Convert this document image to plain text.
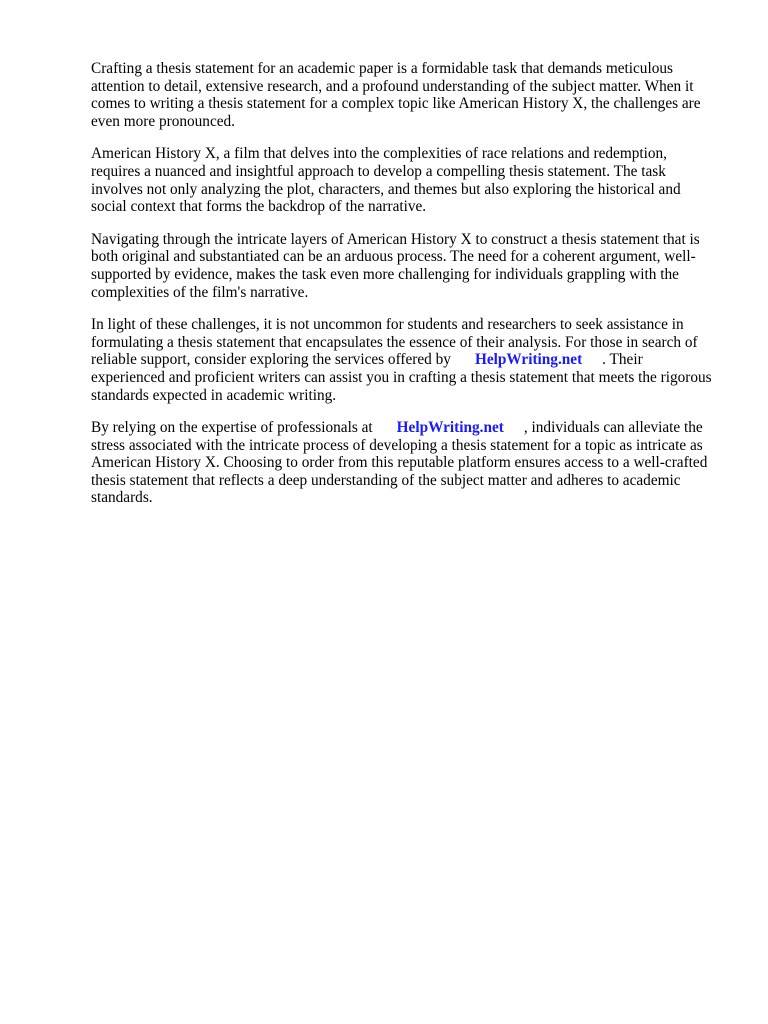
Crafting a thesis statement for an academic paper is a formidable task that demands meticulous
attention to detail, extensive research, and a profound understanding of the subject matter. When it
comes to writing a thesis statement for a complex topic like American History X, the challenges are
even more pronounced.
American History X, a film that delves into the complexities of race relations and redemption,
requires a nuanced and insightful approach to develop a compelling thesis statement. The task
involves not only analyzing the plot, characters, and themes but also exploring the historical and
social context that forms the backdrop of the narrative.
Navigating through the intricate layers of American History X to construct a thesis statement that is
both original and substantiated can be an arduous process. The need for a coherent argument, well-
supported by evidence, makes the task even more challenging for individuals grappling with the
complexities of the film's narrative.
In light of these challenges, it is not uncommon for students and researchers to seek assistance in
formulating a thesis statement that encapsulates the essence of their analysis. For those in search of
reliable support, consider exploring the services offered by HelpWriting.net . Their
experienced and proficient writers can assist you in crafting a thesis statement that meets the rigorous
standards expected in academic writing.
By relying on the expertise of professionals at HelpWriting.net , individuals can alleviate the
stress associated with the intricate process of developing a thesis statement for a topic as intricate as
American History X. Choosing to order from this reputable platform ensures access to a well-crafted
thesis statement that reflects a deep understanding of the subject matter and adheres to academic
standards.
